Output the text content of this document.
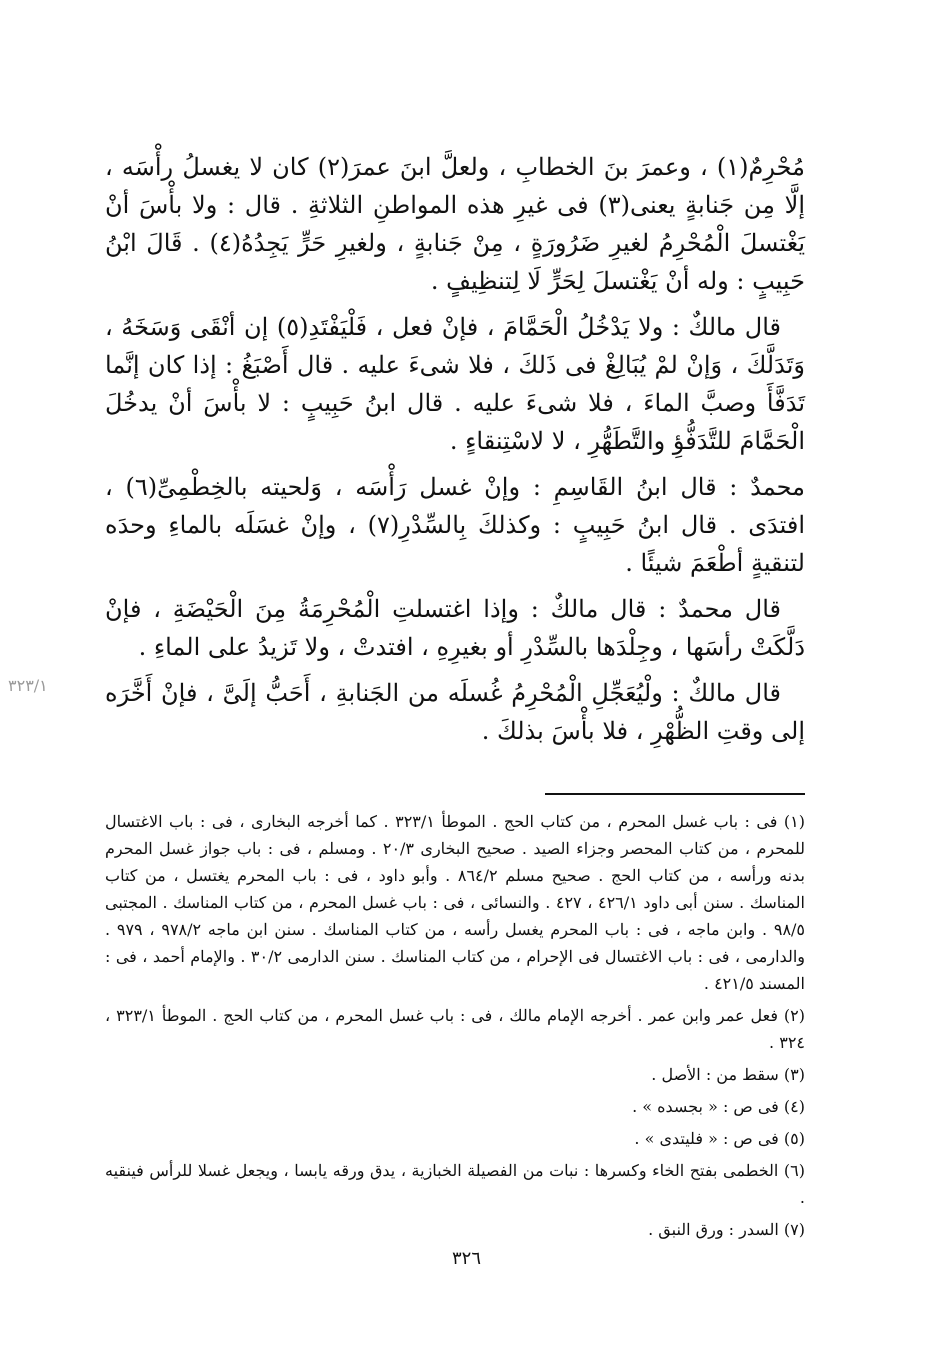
٣٢٣/١

مُحْرِمٌ(١) ، وعمرَ بنَ الخطابِ ، ولعلَّ ابنَ عمرَ(٢) كان لا يغسلُ رأْسَه ، إلَّا مِن جَنابةٍ يعنى(٣) فى غيرِ هذه المواطنِ الثلاثةِ . قال : ولا بأْسَ أنْ يَغْتسلَ الْمُحْرِمُ لغيرِ ضَرُورَةٍ ، مِنْ جَنابةٍ ، ولغيرِ حَرٍّ يَجِدُهُ(٤) . قَالَ ابْنُ حَبِيبٍ : وله أنْ يَغْتسلَ لِحَرٍّ لَا لِتنظِيفٍ .

قال مالكٌ : ولا يَدْخُلُ الْحَمَّامَ ، فإنْ فعل ، فَلْيَفْتَدِ(٥) إن أنْقَى وَسَخَهُ ، وَتَدَلَّكَ ، وَإنْ لمْ يُبَالِغْ فى ذَلكَ ، فلا شىءَ عليه . قال أَصْبَغُ : إذا كان إنَّما تَدَفَّأَ وصبَّ الماءَ ، فلا شىءَ عليه . قال ابنُ حَبِيبٍ : لا بأْسَ أنْ يدخُلَ الْحَمَّامَ للتَّدَفُّؤِ والتَّطَهُّرِ ، لا لاسْتِنقاءٍ .

محمدٌ : قال ابنُ القَاسِمِ : وإنْ غسل رَأْسَه ، وَلحيته بالخِطْمِىِّ(٦) ، افتدَى . قال ابنُ حَبِيبٍ : وكذلكَ بِالسِّدْرِ(٧) ، وإنْ غسَلَه بالماءِ وحدَه لتنقيةٍ أطْعَمَ شيئًا .

قال محمدٌ : قال مالكٌ : وإذا اغتسلتِ الْمُحْرِمَةُ مِنَ الْحَيْضَةِ ، فإنْ دَلَّكَتْ رأسَها ، وجِلْدَها بالسِّدْرِ أو بغيرِهِ ، افتدتْ ، ولا تَزيدُ على الماءِ .

قال مالكٌ : ولْيُعَجِّلِ الْمُحْرِمُ غُسلَه من الجَنابةِ ، أَحَبُّ إلَىَّ ، فإنْ أَخَّرَه إلى وقتِ الظُّهْرِ ، فلا بأْسَ بذلكَ .

(١) فى : باب غسل المحرم ، من كتاب الحج . الموطأ ٣٢٣/١ . كما أخرجه البخارى ، فى : باب الاغتسال للمحرم ، من كتاب المحصر وجزاء الصيد . صحيح البخارى ٢٠/٣ . ومسلم ، فى : باب جواز غسل المحرم بدنه ورأسه ، من كتاب الحج . صحيح مسلم ٨٦٤/٢ . وأبو داود ، فى : باب المحرم يغتسل ، من كتاب المناسك . سنن أبى داود ٤٢٦/١ ، ٤٢٧ . والنسائى ، فى : باب غسل المحرم ، من كتاب المناسك . المجتبى ٩٨/٥ . وابن ماجه ، فى : باب المحرم يغسل رأسه ، من كتاب المناسك . سنن ابن ماجه ٩٧٨/٢ ، ٩٧٩ . والدارمى ، فى : باب الاغتسال فى الإحرام ، من كتاب المناسك . سنن الدارمى ٣٠/٢ . والإمام أحمد ، فى : المسند ٤٢١/٥ .

(٢) فعل عمر وابن عمر . أخرجه الإمام مالك ، فى : باب غسل المحرم ، من كتاب الحج . الموطأ ٣٢٣/١ ، ٣٢٤ .

(٣) سقط من : الأصل .

(٤) فى ص : « بجسده » .

(٥) فى ص : « فليتدى » .

(٦) الخطمى بفتح الخاء وكسرها : نبات من الفصيلة الخبازية ، يدق ورقه يابسا ، ويجعل غسلا للرأس فينقيه .

(٧) السدر : ورق النبق .

٣٢٦
